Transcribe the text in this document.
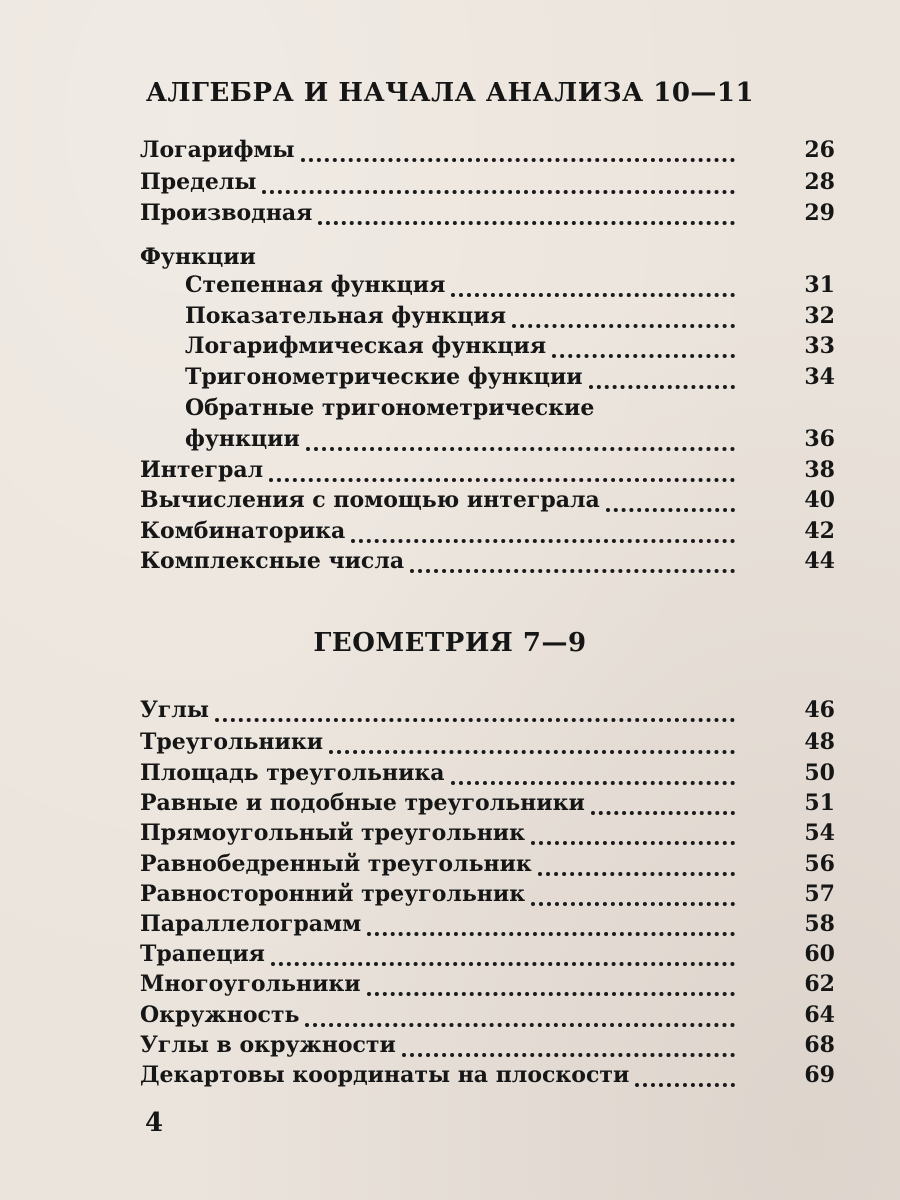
АЛГЕБРА И НАЧАЛА АНАЛИЗА 10—11
Логарифмы	26
Пределы	28
Производная	29
Функции
Степенная функция	31
Показательная функция	32
Логарифмическая функция	33
Тригонометрические функции	34
Обратные тригонометрические
функции	36
Интеграл	38
Вычисления с помощью интеграла	40
Комбинаторика	42
Комплексные числа	44
ГЕОМЕТРИЯ 7—9
Углы	46
Треугольники	48
Площадь треугольника	50
Равные и подобные треугольники	51
Прямоугольный треугольник	54
Равнобедренный треугольник	56
Равносторонний треугольник	57
Параллелограмм	58
Трапеция	60
Многоугольники	62
Окружность	64
Углы в окружности	68
Декартовы координаты на плоскости	69
4
